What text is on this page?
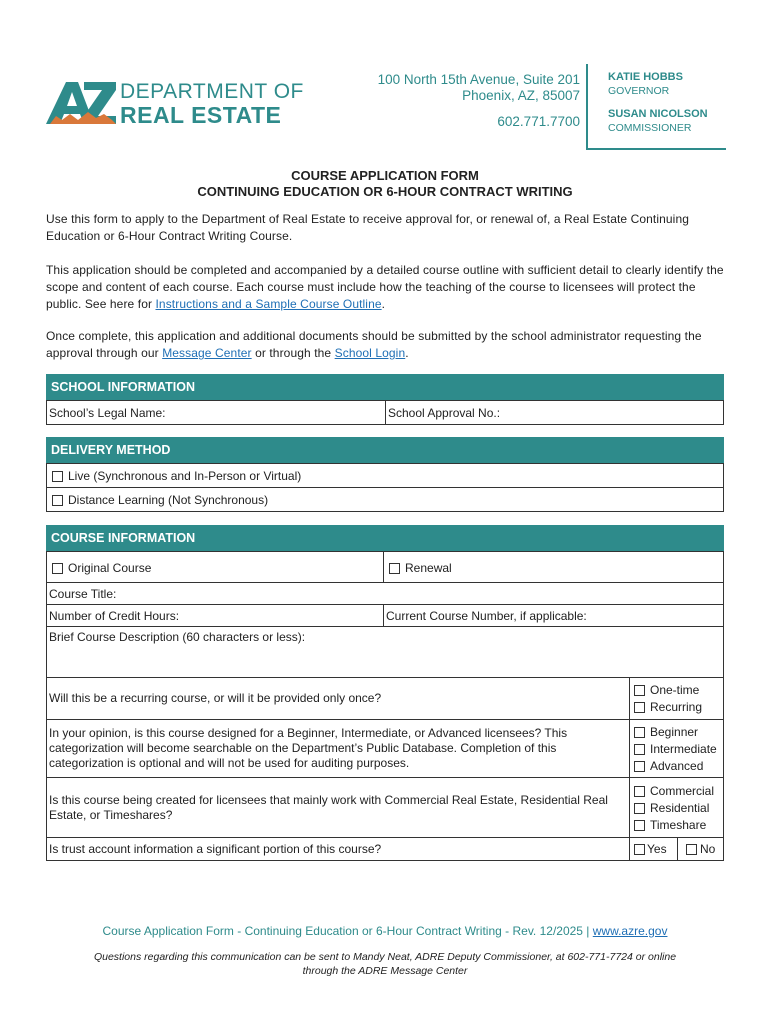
DEPARTMENT OF
REAL ESTATE
100 North 15th Avenue, Suite 201
Phoenix, AZ, 85007
602.771.7700
KATIE HOBBS
GOVERNOR
SUSAN NICOLSON
COMMISSIONER
COURSE APPLICATION FORM
CONTINUING EDUCATION OR 6-HOUR CONTRACT WRITING
Use this form to apply to the Department of Real Estate to receive approval for, or renewal of, a Real Estate Continuing Education or 6-Hour Contract Writing Course.
This application should be completed and accompanied by a detailed course outline with sufficient detail to clearly identify the scope and content of each course. Each course must include how the teaching of the course to licensees will protect the public. See here for Instructions and a Sample Course Outline.
Once complete, this application and additional documents should be submitted by the school administrator requesting the approval through our Message Center or through the School Login.
SCHOOL INFORMATION
School’s Legal Name:	School Approval No.:
DELIVERY METHOD
Live (Synchronous and In-Person or Virtual)
Distance Learning (Not Synchronous)
COURSE INFORMATION
Original Course	Renewal
Course Title:
Number of Credit Hours:	Current Course Number, if applicable:
Brief Course Description (60 characters or less):
Will this be a recurring course, or will it be provided only once?
One-time
Recurring
In your opinion, is this course designed for a Beginner, Intermediate, or Advanced licensees? This categorization will become searchable on the Department’s Public Database. Completion of this categorization is optional and will not be used for auditing purposes.
Beginner
Intermediate
Advanced
Is this course being created for licensees that mainly work with Commercial Real Estate, Residential Real Estate, or Timeshares?
Commercial
Residential
Timeshare
Is trust account information a significant portion of this course?	Yes	No
Course Application Form - Continuing Education or 6-Hour Contract Writing - Rev. 12/2025 | www.azre.gov
Questions regarding this communication can be sent to Mandy Neat, ADRE Deputy Commissioner, at 602-771-7724 or online
through the ADRE Message Center
